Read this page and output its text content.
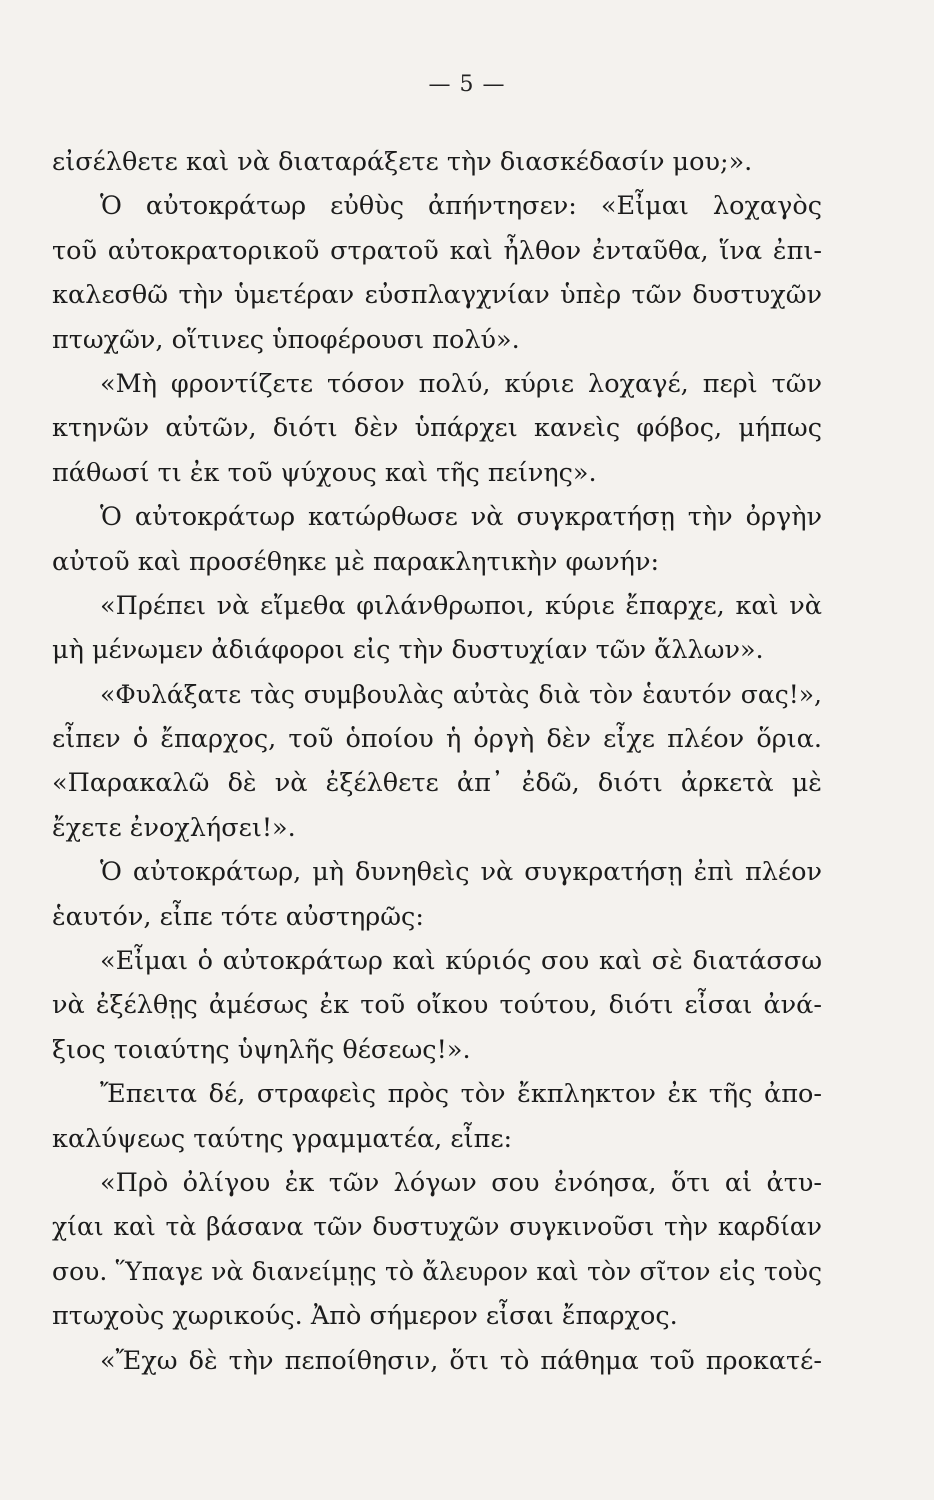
— 5 —
εἰσέλθετε καὶ νὰ διαταράξετε τὴν διασκέδασίν μου;».
Ὁ αὐτοκράτωρ εὐθὺς ἀπήντησεν: «Εἶμαι λοχαγὸς
τοῦ αὐτοκρατορικοῦ στρατοῦ καὶ ἦλθον ἐνταῦθα, ἵνα ἐπι-
καλεσθῶ τὴν ὑμετέραν εὐσπλαγχνίαν ὑπὲρ τῶν δυστυχῶν
πτωχῶν, οἵτινες ὑποφέρουσι πολύ».
«Μὴ φροντίζετε τόσον πολύ, κύριε λοχαγέ, περὶ τῶν
κτηνῶν αὐτῶν, διότι δὲν ὑπάρχει κανεὶς φόβος, μήπως
πάθωσί τι ἐκ τοῦ ψύχους καὶ τῆς πείνης».
Ὁ αὐτοκράτωρ κατώρθωσε νὰ συγκρατήσῃ τὴν ὀργὴν
αὐτοῦ καὶ προσέθηκε μὲ παρακλητικὴν φωνήν:
«Πρέπει νὰ εἴμεθα φιλάνθρωποι, κύριε ἔπαρχε, καὶ νὰ
μὴ μένωμεν ἀδιάφοροι εἰς τὴν δυστυχίαν τῶν ἄλλων».
«Φυλάξατε τὰς συμβουλὰς αὐτὰς διὰ τὸν ἑαυτόν σας!»,
εἶπεν ὁ ἔπαρχος, τοῦ ὁποίου ἡ ὀργὴ δὲν εἶχε πλέον ὅρια.
«Παρακαλῶ δὲ νὰ ἐξέλθετε ἀπ᾽ ἐδῶ, διότι ἀρκετὰ μὲ
ἔχετε ἐνοχλήσει!».
Ὁ αὐτοκράτωρ, μὴ δυνηθεὶς νὰ συγκρατήσῃ ἐπὶ πλέον
ἑαυτόν, εἶπε τότε αὐστηρῶς:
«Εἶμαι ὁ αὐτοκράτωρ καὶ κύριός σου καὶ σὲ διατάσσω
νὰ ἐξέλθῃς ἀμέσως ἐκ τοῦ οἴκου τούτου, διότι εἶσαι ἀνά-
ξιος τοιαύτης ὑψηλῆς θέσεως!».
Ἔπειτα δέ, στραφεὶς πρὸς τὸν ἔκπληκτον ἐκ τῆς ἀπο-
καλύψεως ταύτης γραμματέα, εἶπε:
«Πρὸ ὀλίγου ἐκ τῶν λόγων σου ἐνόησα, ὅτι αἱ ἀτυ-
χίαι καὶ τὰ βάσανα τῶν δυστυχῶν συγκινοῦσι τὴν καρδίαν
σου. Ὕπαγε νὰ διανείμῃς τὸ ἄλευρον καὶ τὸν σῖτον εἰς τοὺς
πτωχοὺς χωρικούς. Ἀπὸ σήμερον εἶσαι ἔπαρχος.
«Ἔχω δὲ τὴν πεποίθησιν, ὅτι τὸ πάθημα τοῦ προκατέ-
